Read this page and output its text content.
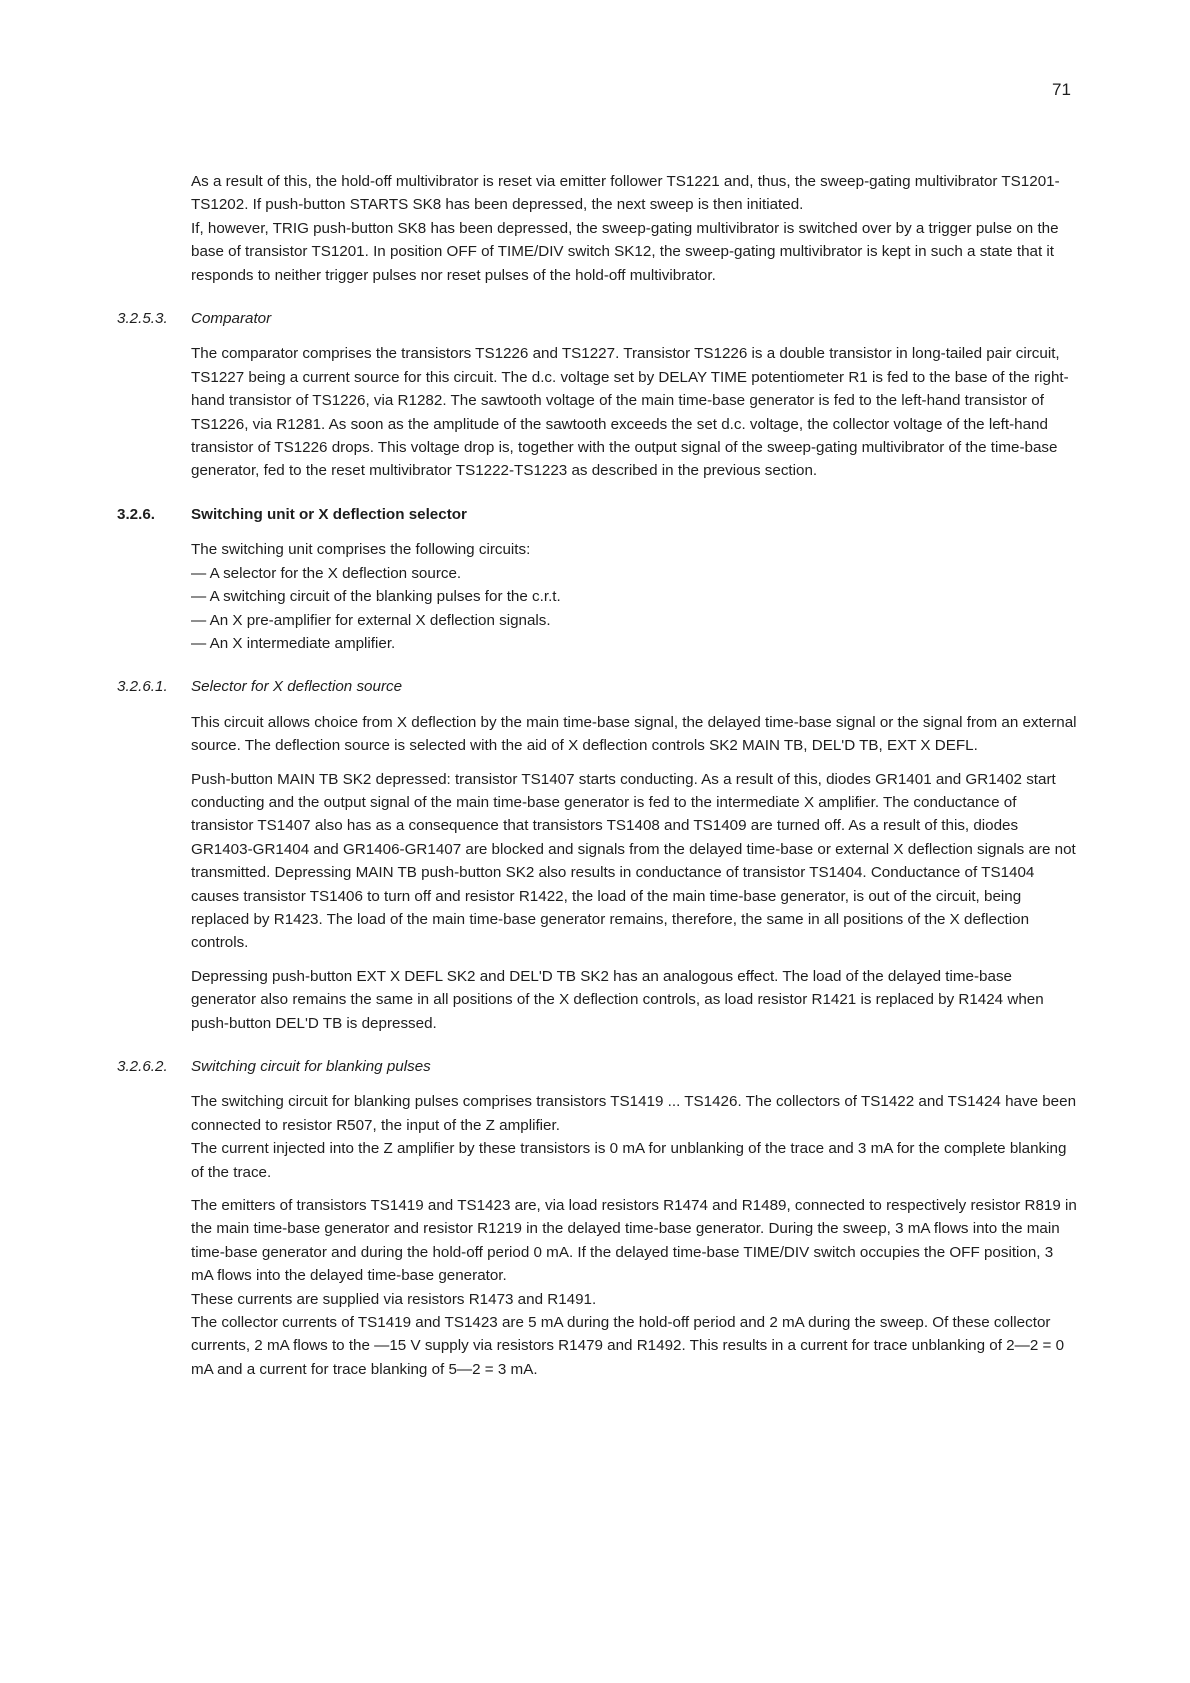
71

As a result of this, the hold-off multivibrator is reset via emitter follower TS1221 and, thus, the sweep-gating multivibrator TS1201-TS1202. If push-button STARTS SK8 has been depressed, the next sweep is then initiated.

If, however, TRIG push-button SK8 has been depressed, the sweep-gating multivibrator is switched over by a trigger pulse on the base of transistor TS1201. In position OFF of TIME/DIV switch SK12, the sweep-gating multivibrator is kept in such a state that it responds to neither trigger pulses nor reset pulses of the hold-off multivibrator.

3.2.5.3.	Comparator

The comparator comprises the transistors TS1226 and TS1227. Transistor TS1226 is a double transistor in long-tailed pair circuit, TS1227 being a current source for this circuit. The d.c. voltage set by DELAY TIME potentiometer R1 is fed to the base of the right-hand transistor of TS1226, via R1282. The sawtooth voltage of the main time-base generator is fed to the left-hand transistor of TS1226, via R1281. As soon as the amplitude of the sawtooth exceeds the set d.c. voltage, the collector voltage of the left-hand transistor of TS1226 drops. This voltage drop is, together with the output signal of the sweep-gating multivibrator of the time-base generator, fed to the reset multivibrator TS1222-TS1223 as described in the previous section.

3.2.6.	Switching unit or X deflection selector

The switching unit comprises the following circuits:

— A selector for the X deflection source.
— A switching circuit of the blanking pulses for the c.r.t.
— An X pre-amplifier for external X deflection signals.
— An X intermediate amplifier.
3.2.6.1.	Selector for X deflection source

This circuit allows choice from X deflection by the main time-base signal, the delayed time-base signal or the signal from an external source. The deflection source is selected with the aid of X deflection controls SK2 MAIN TB, DEL'D TB, EXT X DEFL.

Push-button MAIN TB SK2 depressed: transistor TS1407 starts conducting. As a result of this, diodes GR1401 and GR1402 start conducting and the output signal of the main time-base generator is fed to the intermediate X amplifier. The conductance of transistor TS1407 also has as a consequence that transistors TS1408 and TS1409 are turned off. As a result of this, diodes GR1403-GR1404 and GR1406-GR1407 are blocked and signals from the delayed time-base or external X deflection signals are not transmitted. Depressing MAIN TB push-button SK2 also results in conductance of transistor TS1404. Conductance of TS1404 causes transistor TS1406 to turn off and resistor R1422, the load of the main time-base generator, is out of the circuit, being replaced by R1423. The load of the main time-base generator remains, therefore, the same in all positions of the X deflection controls.

Depressing push-button EXT X DEFL SK2 and DEL'D TB SK2 has an analogous effect. The load of the delayed time-base generator also remains the same in all positions of the X deflection controls, as load resistor R1421 is replaced by R1424 when push-button DEL'D TB is depressed.

3.2.6.2.	Switching circuit for blanking pulses

The switching circuit for blanking pulses comprises transistors TS1419 ... TS1426. The collectors of TS1422 and TS1424 have been connected to resistor R507, the input of the Z amplifier.

The current injected into the Z amplifier by these transistors is 0 mA for unblanking of the trace and 3 mA for the complete blanking of the trace.

The emitters of transistors TS1419 and TS1423 are, via load resistors R1474 and R1489, connected to respectively resistor R819 in the main time-base generator and resistor R1219 in the delayed time-base generator. During the sweep, 3 mA flows into the main time-base generator and during the hold-off period 0 mA. If the delayed time-base TIME/DIV switch occupies the OFF position, 3 mA flows into the delayed time-base generator.

These currents are supplied via resistors R1473 and R1491.

The collector currents of TS1419 and TS1423 are 5 mA during the hold-off period and 2 mA during the sweep. Of these collector currents, 2 mA flows to the —15 V supply via resistors R1479 and R1492. This results in a current for trace unblanking of 2—2 = 0 mA and a current for trace blanking of 5—2 = 3 mA.
